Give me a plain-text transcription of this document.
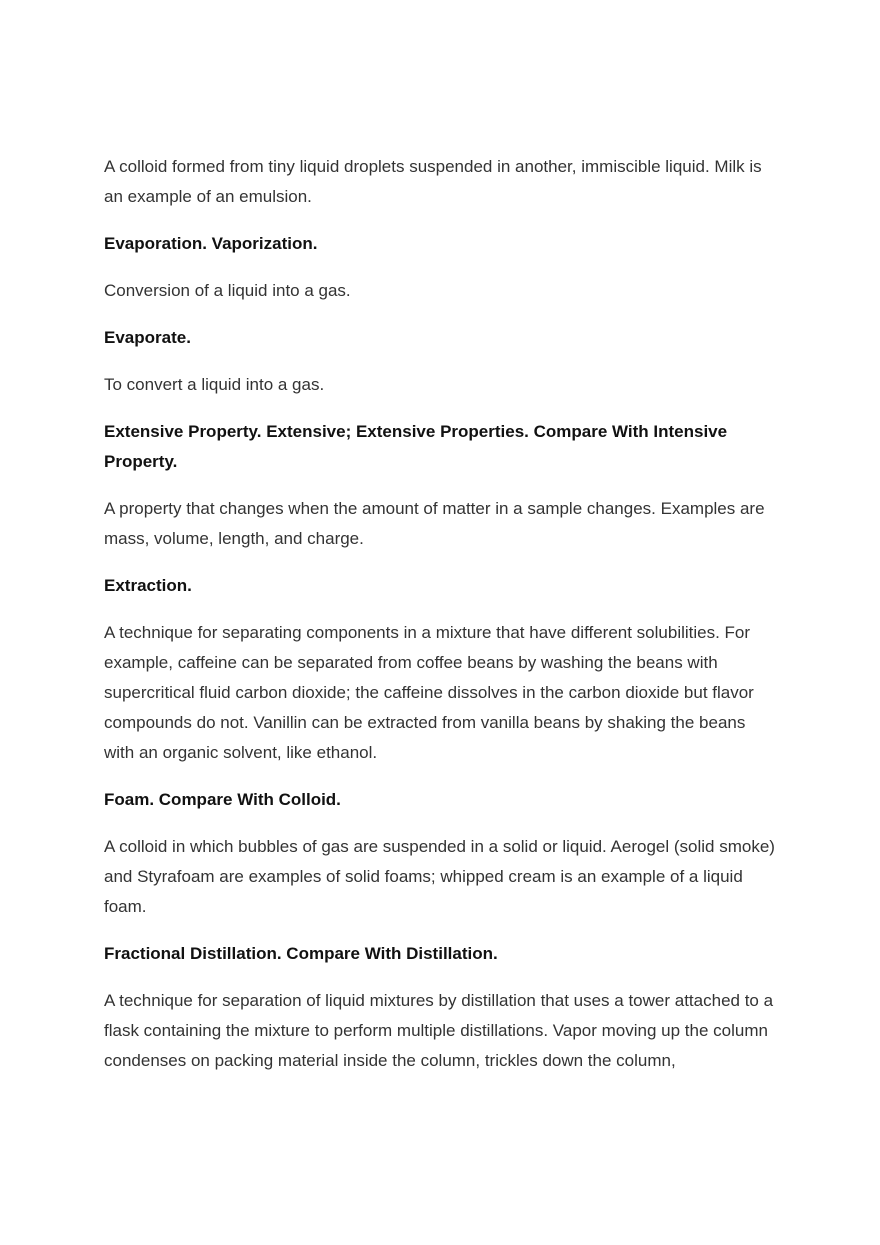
A colloid formed from tiny liquid droplets suspended in another, immiscible liquid. Milk is an example of an emulsion.

Evaporation. Vaporization.

Conversion of a liquid into a gas.

Evaporate.

To convert a liquid into a gas.

Extensive Property. Extensive; Extensive Properties. Compare With Intensive Property.

A property that changes when the amount of matter in a sample changes. Examples are mass, volume, length, and charge.

Extraction.

A technique for separating components in a mixture that have different solubilities. For example, caffeine can be separated from coffee beans by washing the beans with supercritical fluid carbon dioxide; the caffeine dissolves in the carbon dioxide but flavor compounds do not. Vanillin can be extracted from vanilla beans by shaking the beans with an organic solvent, like ethanol.

Foam. Compare With Colloid.

A colloid in which bubbles of gas are suspended in a solid or liquid. Aerogel (solid smoke) and Styrafoam are examples of solid foams; whipped cream is an example of a liquid foam.

Fractional Distillation. Compare With Distillation.

A technique for separation of liquid mixtures by distillation that uses a tower attached to a flask containing the mixture to perform multiple distillations. Vapor moving up the column condenses on packing material inside the column, trickles down the column,
